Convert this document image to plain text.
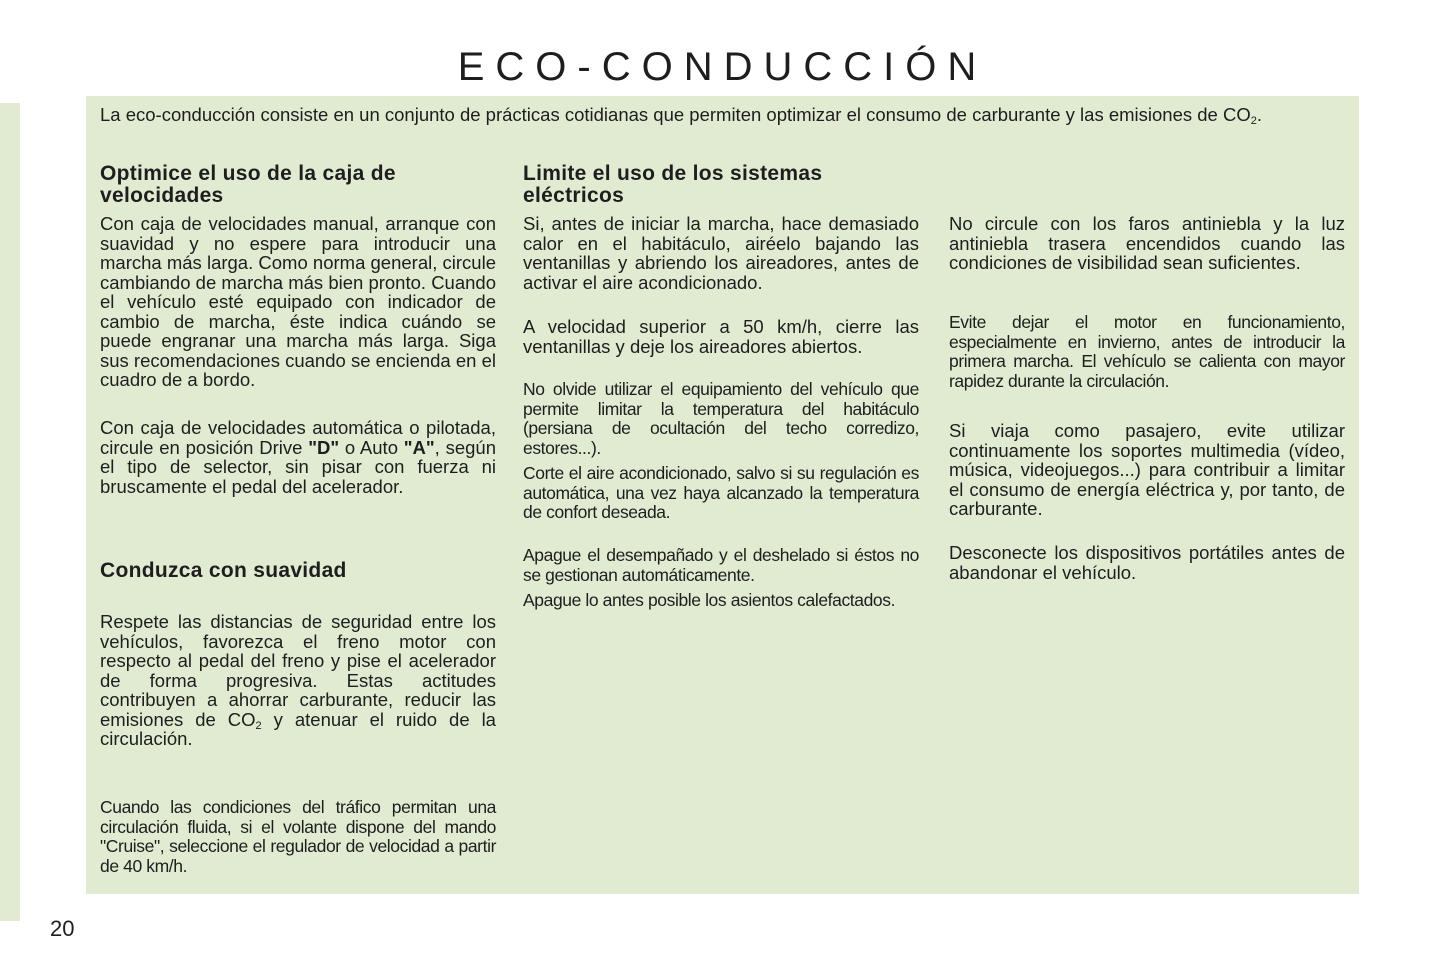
ECO-CONDUCCIÓN

La eco-conducción consiste en un conjunto de prácticas cotidianas que permiten optimizar el consumo de carburante y las emisiones de $CO_2$.

Optimice el uso de la caja de velocidades

Con caja de velocidades manual, arranque con suavidad y no espere para introducir una marcha más larga. Como norma general, circule cambiando de marcha más bien pronto. Cuando el vehículo esté equipado con indicador de cambio de marcha, éste indica cuándo se puede engranar una marcha más larga. Siga sus recomendaciones cuando se encienda en el cuadro de a bordo.

Con caja de velocidades automática o pilotada, circule en posición Drive "D" o Auto "A", según el tipo de selector, sin pisar con fuerza ni bruscamente el pedal del acelerador.

Conduzca con suavidad

Respete las distancias de seguridad entre los vehículos, favorezca el freno motor con respecto al pedal del freno y pise el acelerador de forma progresiva. Estas actitudes contribuyen a ahorrar carburante, reducir las emisiones de $CO_2$ y atenuar el ruido de la circulación.

Cuando las condiciones del tráfico permitan una circulación fluida, si el volante dispone del mando "Cruise", seleccione el regulador de velocidad a partir de 40 km/h.

Limite el uso de los sistemas eléctricos

Si, antes de iniciar la marcha, hace demasiado calor en el habitáculo, airéelo bajando las ventanillas y abriendo los aireadores, antes de activar el aire acondicionado.

A velocidad superior a 50 km/h, cierre las ventanillas y deje los aireadores abiertos.

No olvide utilizar el equipamiento del vehículo que permite limitar la temperatura del habitáculo (persiana de ocultación del techo corredizo, estores...).

Corte el aire acondicionado, salvo si su regulación es automática, una vez haya alcanzado la temperatura de confort deseada.

Apague el desempañado y el deshelado si éstos no se gestionan automáticamente.

Apague lo antes posible los asientos calefactados.

No circule con los faros antiniebla y la luz antiniebla trasera encendidos cuando las condiciones de visibilidad sean suficientes.

Evite dejar el motor en funcionamiento, especialmente en invierno, antes de introducir la primera marcha. El vehículo se calienta con mayor rapidez durante la circulación.

Si viaja como pasajero, evite utilizar continuamente los soportes multimedia (vídeo, música, videojuegos...) para contribuir a limitar el consumo de energía eléctrica y, por tanto, de carburante.

Desconecte los dispositivos portátiles antes de abandonar el vehículo.

20
